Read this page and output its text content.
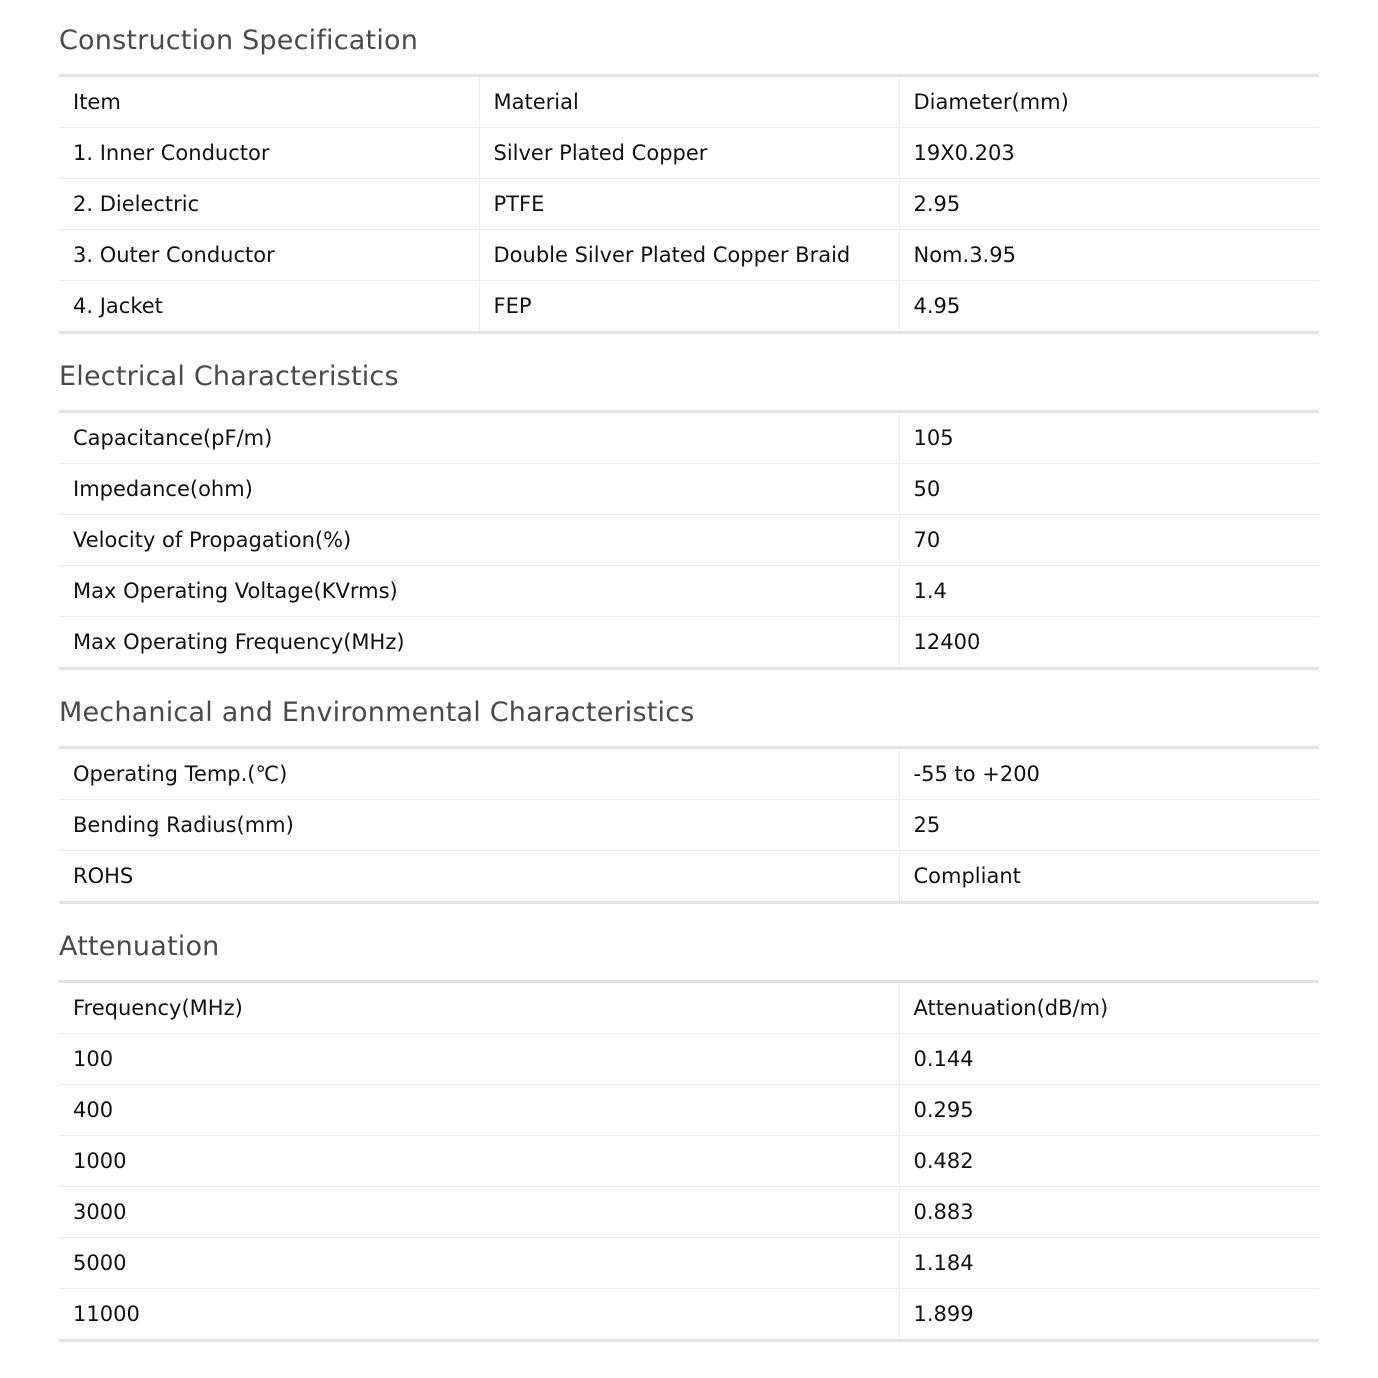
Construction Specification
Item	Material	Diameter(mm)
1. Inner Conductor	Silver Plated Copper	19X0.203
2. Dielectric	PTFE	2.95
3. Outer Conductor	Double Silver Plated Copper Braid	Nom.3.95
4. Jacket	FEP	4.95
Electrical Characteristics
Capacitance(pF/m)	105
Impedance(ohm)	50
Velocity of Propagation(%)	70
Max Operating Voltage(KVrms)	1.4
Max Operating Frequency(MHz)	12400
Mechanical and Environmental Characteristics
Operating Temp.(℃)	-55 to +200
Bending Radius(mm)	25
ROHS	Compliant
Attenuation
Frequency(MHz)	Attenuation(dB/m)
100	0.144
400	0.295
1000	0.482
3000	0.883
5000	1.184
11000	1.899
